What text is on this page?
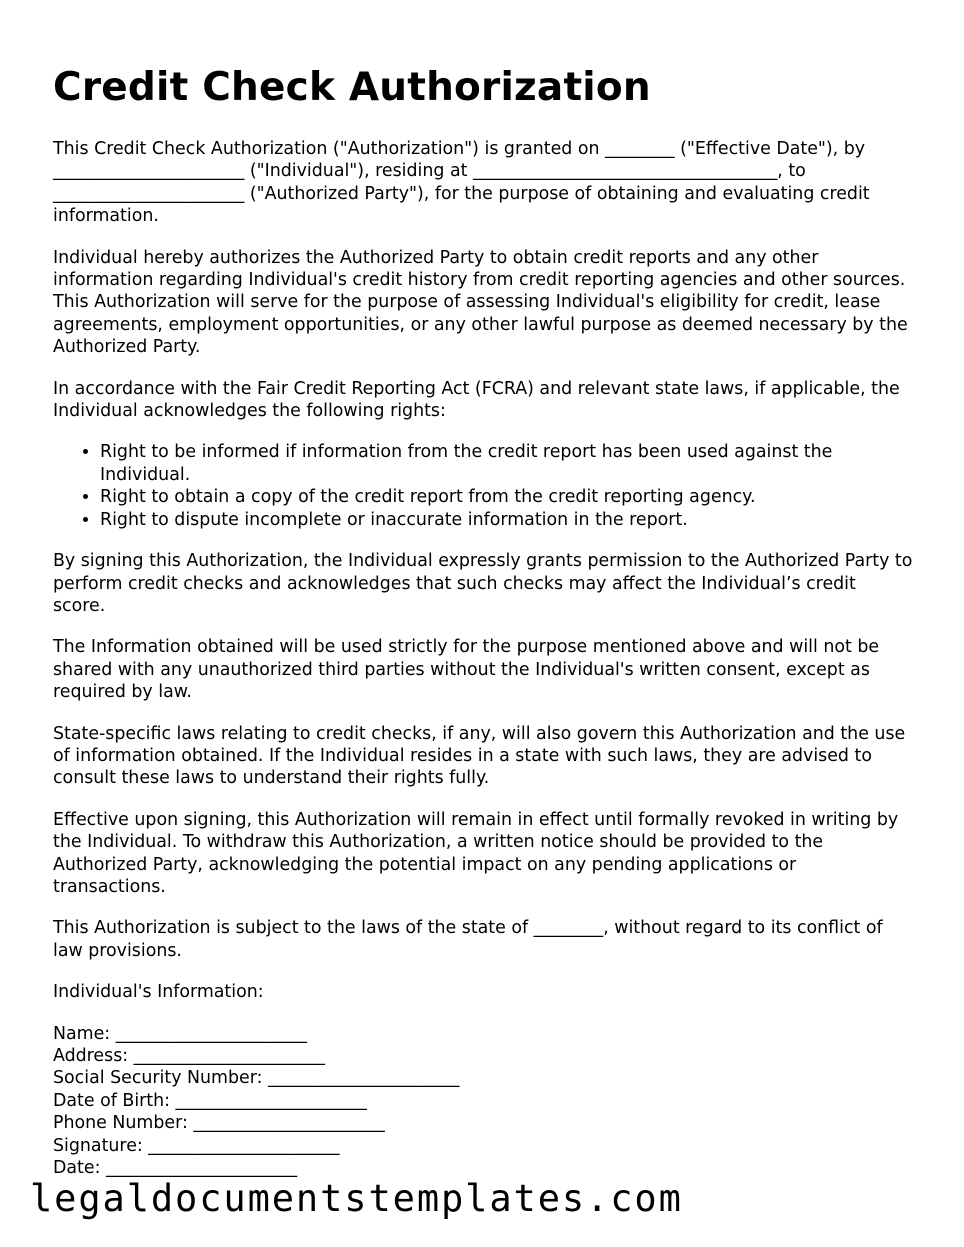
Credit Check Authorization

This Credit Check Authorization ("Authorization") is granted on ________ ("Effective Date"), by ______________________ ("Individual"), residing at ___________________________________, to ______________________ ("Authorized Party"), for the purpose of obtaining and evaluating credit information.

Individual hereby authorizes the Authorized Party to obtain credit reports and any other information regarding Individual's credit history from credit reporting agencies and other sources. This Authorization will serve for the purpose of assessing Individual's eligibility for credit, lease agreements, employment opportunities, or any other lawful purpose as deemed necessary by the Authorized Party.

In accordance with the Fair Credit Reporting Act (FCRA) and relevant state laws, if applicable, the Individual acknowledges the following rights:

• Right to be informed if information from the credit report has been used against the Individual.
• Right to obtain a copy of the credit report from the credit reporting agency.
• Right to dispute incomplete or inaccurate information in the report.

By signing this Authorization, the Individual expressly grants permission to the Authorized Party to perform credit checks and acknowledges that such checks may affect the Individual’s credit score.

The Information obtained will be used strictly for the purpose mentioned above and will not be shared with any unauthorized third parties without the Individual's written consent, except as required by law.

State-specific laws relating to credit checks, if any, will also govern this Authorization and the use of information obtained. If the Individual resides in a state with such laws, they are advised to consult these laws to understand their rights fully.

Effective upon signing, this Authorization will remain in effect until formally revoked in writing by the Individual. To withdraw this Authorization, a written notice should be provided to the Authorized Party, acknowledging the potential impact on any pending applications or transactions.

This Authorization is subject to the laws of the state of ________, without regard to its conflict of law provisions.

Individual's Information:

Name: ______________________
Address: ______________________
Social Security Number: ______________________
Date of Birth: ______________________
Phone Number: ______________________
Signature: ______________________
Date: ______________________
legaldocumentstemplates.com
